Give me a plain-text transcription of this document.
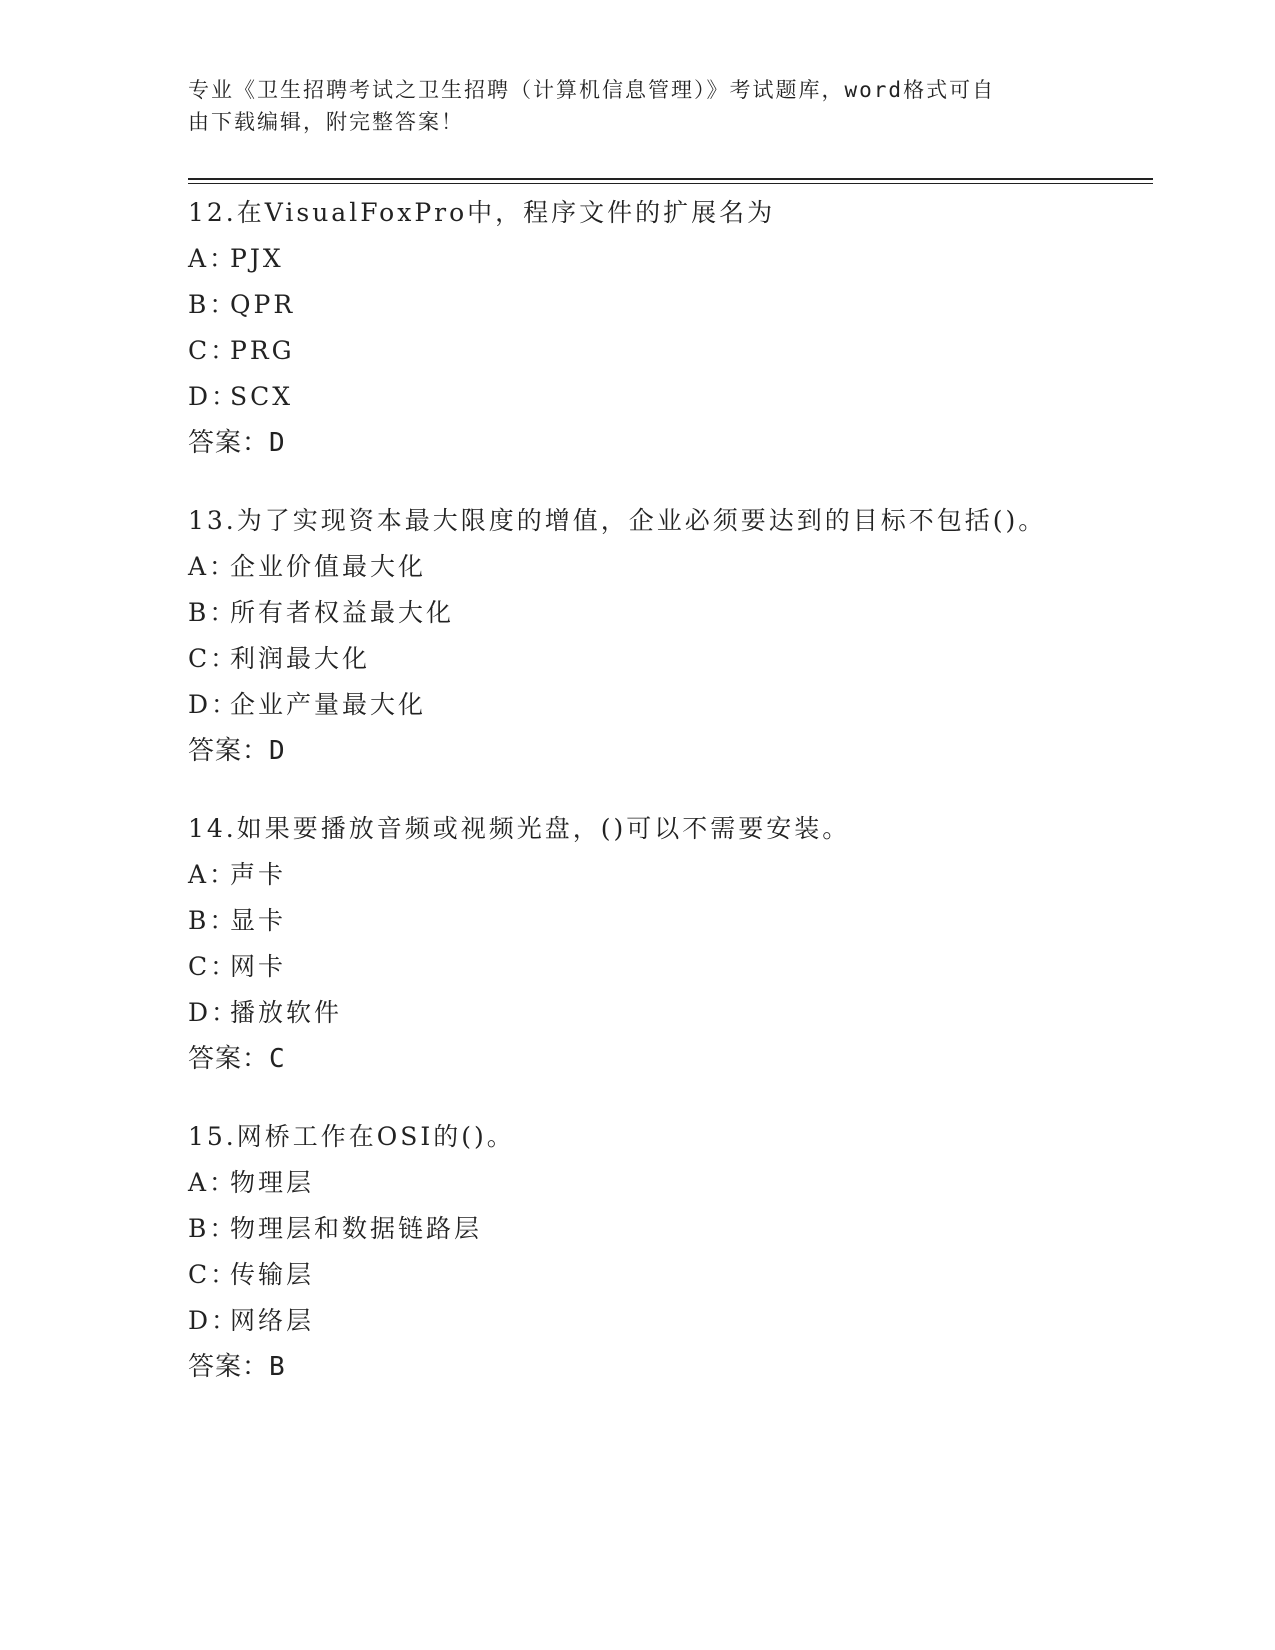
专业《卫生招聘考试之卫生招聘（计算机信息管理）》考试题库，word格式可自
由下载编辑，附完整答案！
12.在VisualFoxPro中，程序文件的扩展名为
A：PJX
B：QPR
C：PRG
D：SCX
答案：D
13.为了实现资本最大限度的增值，企业必须要达到的目标不包括()。
A：企业价值最大化
B：所有者权益最大化
C：利润最大化
D：企业产量最大化
答案：D
14.如果要播放音频或视频光盘，()可以不需要安装。
A：声卡
B：显卡
C：网卡
D：播放软件
答案：C
15.网桥工作在OSI的()。
A：物理层
B：物理层和数据链路层
C：传输层
D：网络层
答案：B
